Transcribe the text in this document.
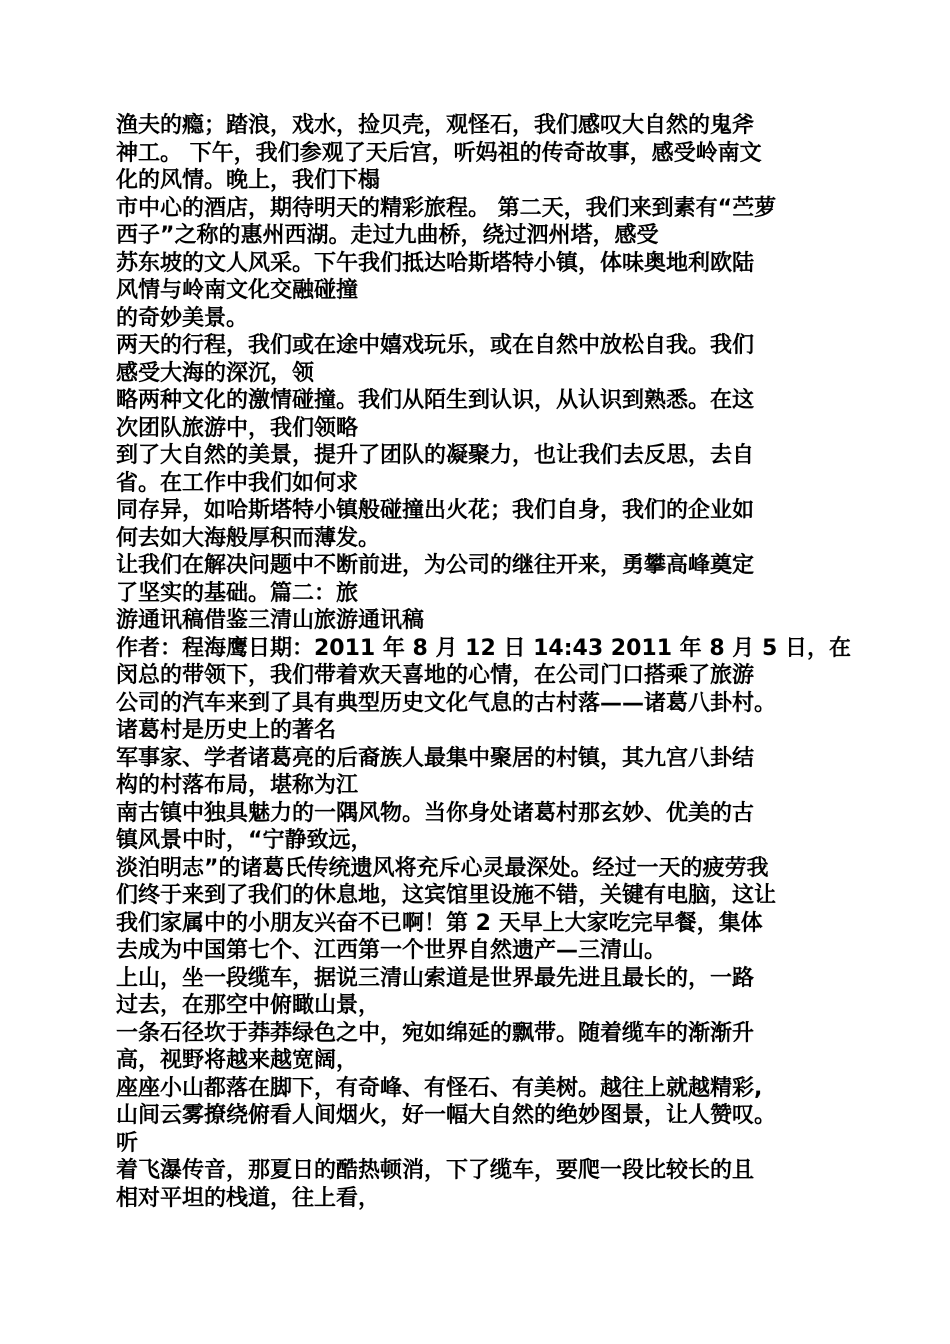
渔夫的瘾；踏浪，戏水，捡贝壳，观怪石，我们感叹大自然的鬼斧
神工。 下午，我们参观了天后宫，听妈祖的传奇故事，感受岭南文
化的风情。晚上，我们下榻
市中心的酒店，期待明天的精彩旅程。 第二天，我们来到素有“苎萝
西子”之称的惠州西湖。走过九曲桥，绕过泗州塔，感受
苏东坡的文人风采。下午我们抵达哈斯塔特小镇，体味奥地利欧陆
风情与岭南文化交融碰撞
的奇妙美景。
两天的行程，我们或在途中嬉戏玩乐，或在自然中放松自我。我们
感受大海的深沉，领
略两种文化的激情碰撞。我们从陌生到认识，从认识到熟悉。在这
次团队旅游中，我们领略
到了大自然的美景，提升了团队的凝聚力，也让我们去反思，去自
省。在工作中我们如何求
同存异，如哈斯塔特小镇般碰撞出火花；我们自身，我们的企业如
何去如大海般厚积而薄发。
让我们在解决问题中不断前进，为公司的继往开来，勇攀高峰奠定
了坚实的基础。篇二：旅
游通讯稿借鉴三清山旅游通讯稿
作者：程海鹰日期：2011 年 8 月 12 日 14:43 2011 年 8 月 5 日，在
闵总的带领下，我们带着欢天喜地的心情，在公司门口搭乘了旅游
公司的汽车来到了具有典型历史文化气息的古村落——诸葛八卦村。
诸葛村是历史上的著名
军事家、学者诸葛亮的后裔族人最集中聚居的村镇，其九宫八卦结
构的村落布局，堪称为江
南古镇中独具魅力的一隅风物。当你身处诸葛村那玄妙、优美的古
镇风景中时，“宁静致远，
淡泊明志”的诸葛氏传统遗风将充斥心灵最深处。经过一天的疲劳我
们终于来到了我们的休息地，这宾馆里设施不错，关键有电脑，这让
我们家属中的小朋友兴奋不已啊！第 2 天早上大家吃完早餐，集体
去成为中国第七个、江西第一个世界自然遗产—三清山。
上山，坐一段缆车，据说三清山索道是世界最先进且最长的，一路
过去，在那空中俯瞰山景，
一条石径坎于莽莽绿色之中，宛如绵延的飘带。随着缆车的渐渐升
高，视野将越来越宽阔，
座座小山都落在脚下，有奇峰、有怪石、有美树。越往上就越精彩,
山间云雾撩绕俯看人间烟火，好一幅大自然的绝妙图景，让人赞叹。
听
着飞瀑传音，那夏日的酷热顿消，下了缆车，要爬一段比较长的且
相对平坦的栈道，往上看，
